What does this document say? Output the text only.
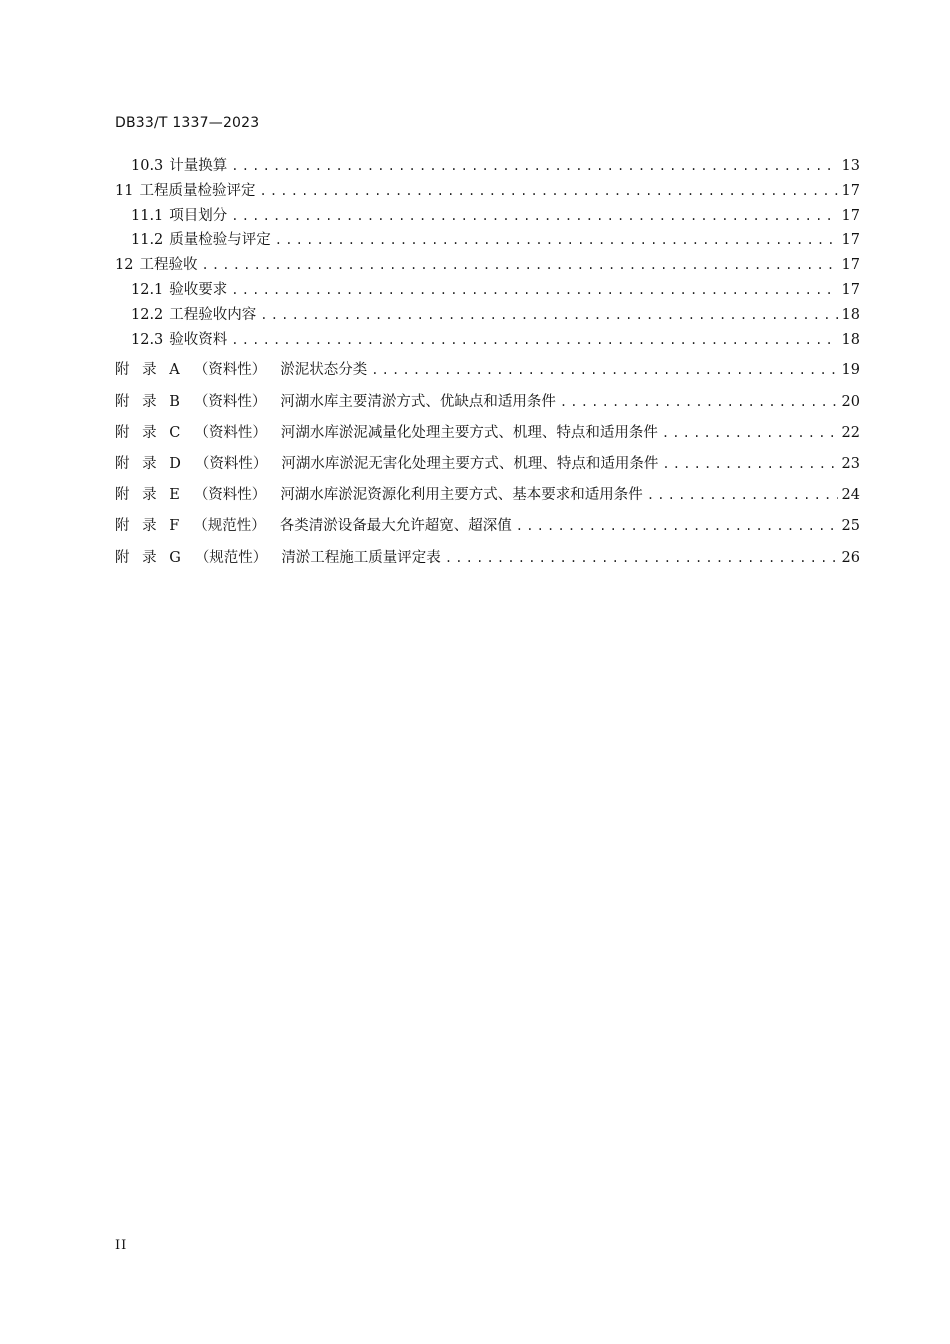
DB33/T 1337—2023
10.3 计量换算 .....	13
11 工程质量检验评定 .....	17
11.1 项目划分 .....	17
11.2 质量检验与评定 .....	17
12 工程验收 .....	17
12.1 验收要求 .....	17
12.2 工程验收内容 .....	18
12.3 验收资料 .....	18
附 录 A （资料性） 淤泥状态分类 .....	19
附 录 B （资料性） 河湖水库主要清淤方式、优缺点和适用条件 .....	20
附 录 C （资料性） 河湖水库淤泥减量化处理主要方式、机理、特点和适用条件 .....	22
附 录 D （资料性） 河湖水库淤泥无害化处理主要方式、机理、特点和适用条件 .....	23
附 录 E （资料性） 河湖水库淤泥资源化利用主要方式、基本要求和适用条件 .....	24
附 录 F （规范性） 各类清淤设备最大允许超宽、超深值 .....	25
附 录 G （规范性） 清淤工程施工质量评定表 .....	26
II
